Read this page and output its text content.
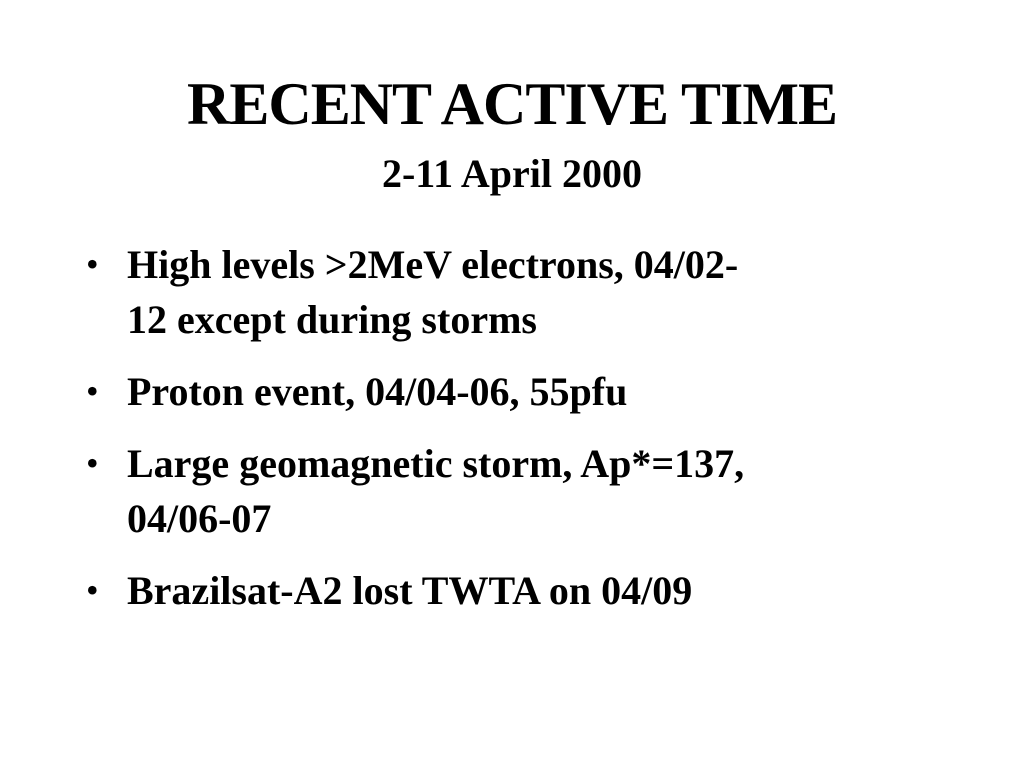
RECENT ACTIVE TIME
2-11 April 2000
• High levels >2MeV electrons, 04/02-
12 except during storms
• Proton event, 04/04-06, 55pfu
• Large geomagnetic storm, Ap*=137,
04/06-07
• Brazilsat-A2 lost TWTA on 04/09
